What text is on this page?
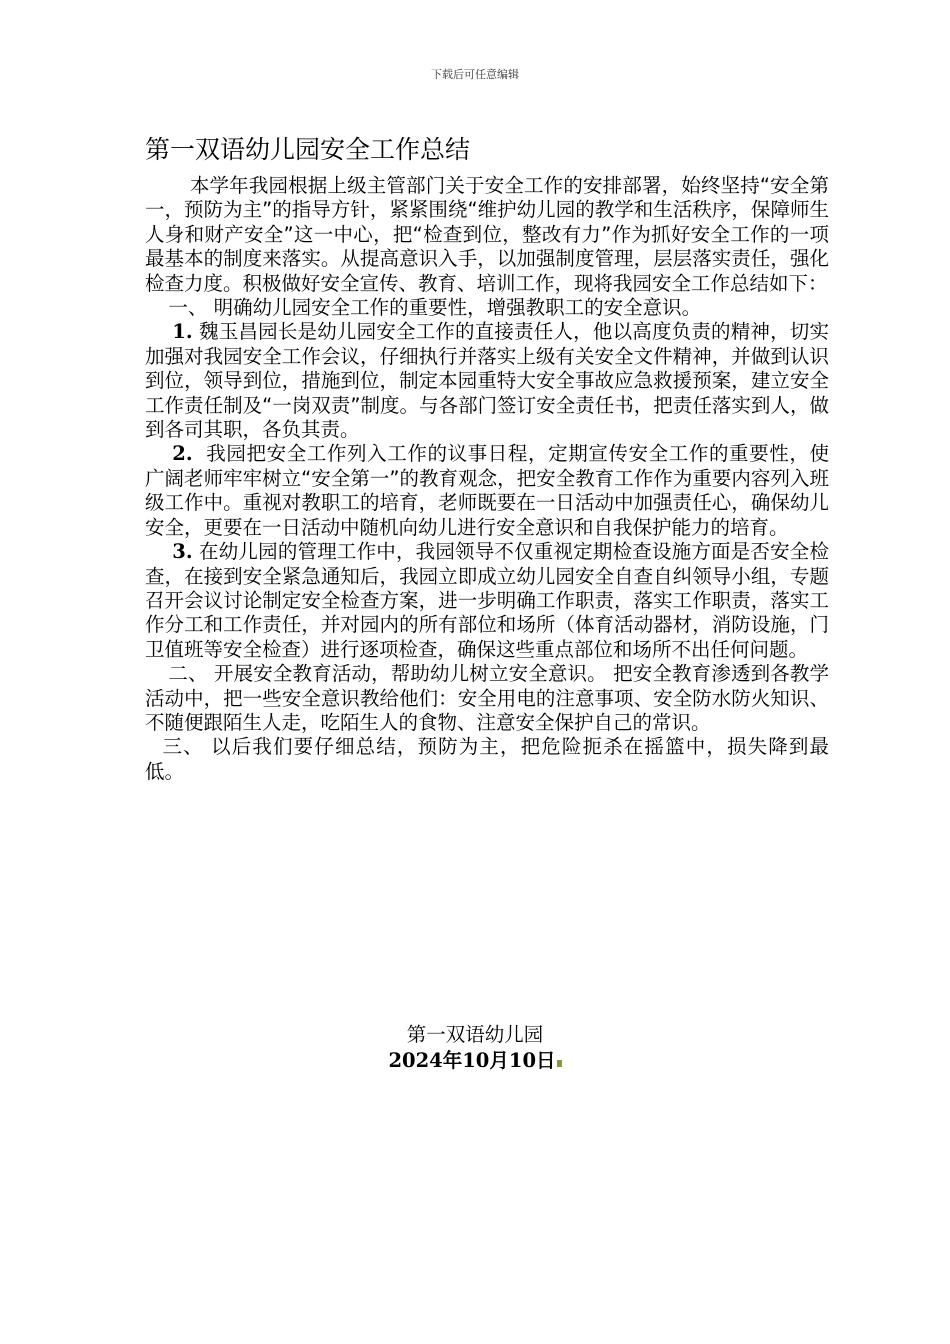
下载后可任意编辑
第一双语幼儿园安全工作总结

本学年我园根据上级主管部门关于安全工作的安排部署，始终坚持“安全第一，预防为主”的指导方针，紧紧围绕“维护幼儿园的教学和生活秩序，保障师生人身和财产安全”这一中心，把“检查到位，整改有力”作为抓好安全工作的一项最基本的制度来落实。从提高意识入手，以加强制度管理，层层落实责任，强化检查力度。积极做好安全宣传、教育、培训工作，现将我园安全工作总结如下：

一、 明确幼儿园安全工作的重要性，增强教职工的安全意识。

1. 魏玉昌园长是幼儿园安全工作的直接责任人，他以高度负责的精神，切实加强对我园安全工作会议，仔细执行并落实上级有关安全文件精神，并做到认识到位，领导到位，措施到位，制定本园重特大安全事故应急救援预案，建立安全工作责任制及“一岗双责”制度。与各部门签订安全责任书，把责任落实到人，做到各司其职，各负其责。

2. 我园把安全工作列入工作的议事日程，定期宣传安全工作的重要性，使广阔老师牢牢树立“安全第一”的教育观念，把安全教育工作作为重要内容列入班级工作中。重视对教职工的培育，老师既要在一日活动中加强责任心，确保幼儿安全，更要在一日活动中随机向幼儿进行安全意识和自我保护能力的培育。

3. 在幼儿园的管理工作中，我园领导不仅重视定期检查设施方面是否安全检查，在接到安全紧急通知后，我园立即成立幼儿园安全自查自纠领导小组，专题召开会议讨论制定安全检查方案，进一步明确工作职责，落实工作职责，落实工作分工和工作责任，并对园内的所有部位和场所（体育活动器材，消防设施，门卫值班等安全检查）进行逐项检查，确保这些重点部位和场所不出任何问题。

二、 开展安全教育活动，帮助幼儿树立安全意识。 把安全教育渗透到各教学活动中，把一些安全意识教给他们：安全用电的注意事项、安全防水防火知识、不随便跟陌生人走，吃陌生人的食物、注意安全保护自己的常识。

三、 以后我们要仔细总结，预防为主，把危险扼杀在摇篮中，损失降到最低。

第一双语幼儿园
2024年10月10日
